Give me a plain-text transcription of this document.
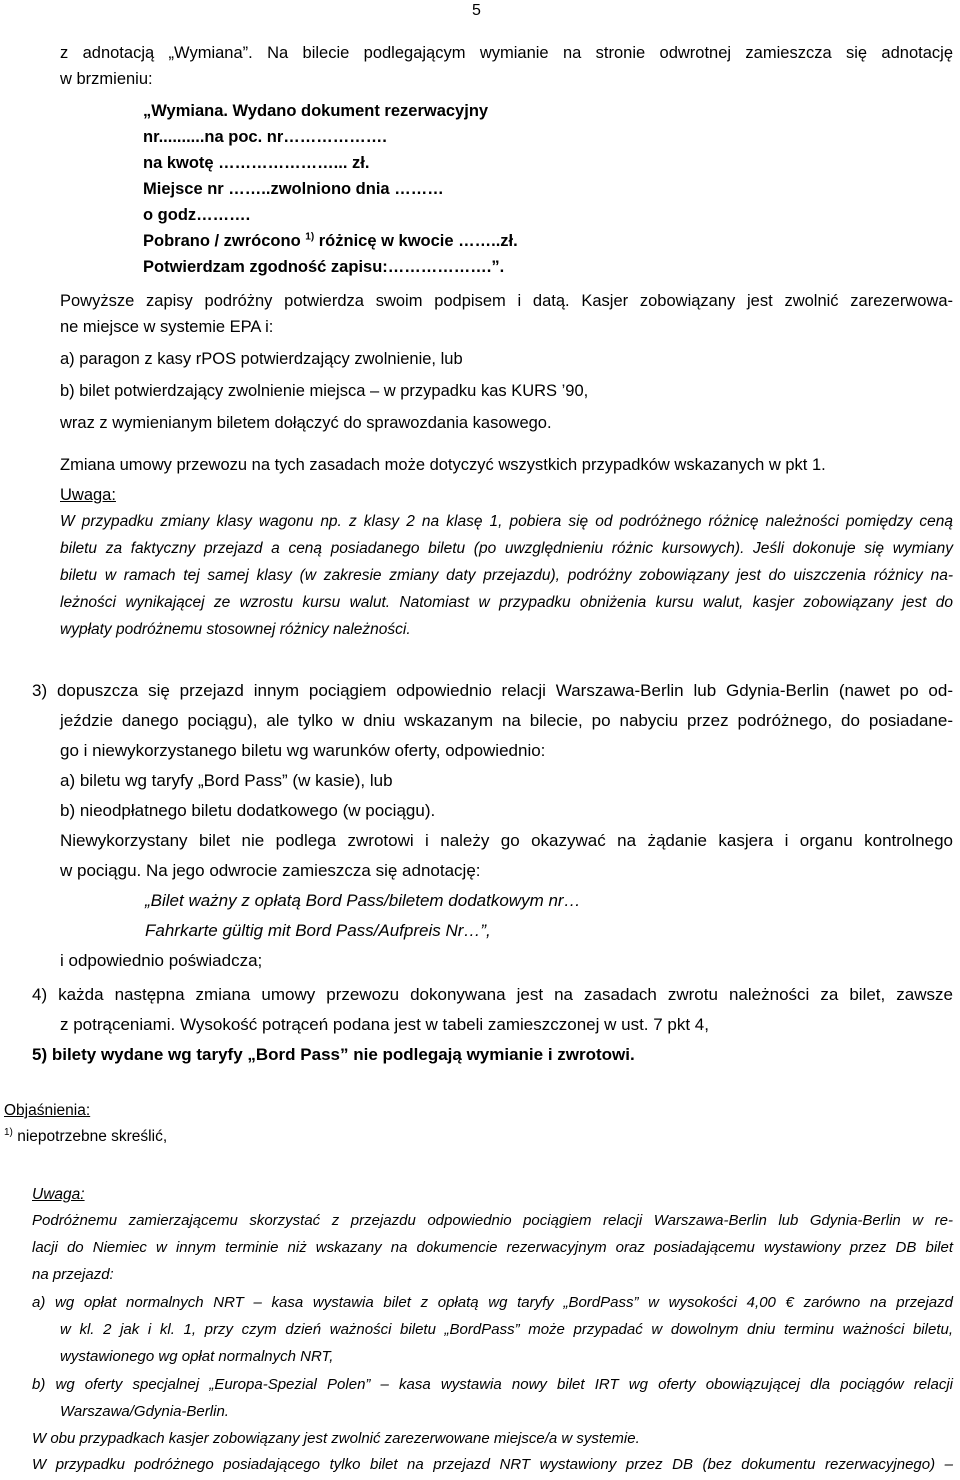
5
z adnotacją „Wymiana”. Na bilecie podlegającym wymianie na stronie odwrotnej zamieszcza się adnotację
w brzmieniu:
„Wymiana. Wydano dokument rezerwacyjny
nr..........na poc. nr……………….
na kwotę …………………... zł.
Miejsce nr ……..zwolniono dnia ………
o godz……….
Pobrano / zwrócono $^{1)}$ różnicę w kwocie ……..zł.
Potwierdzam zgodność zapisu:……………….”.
Powyższe zapisy podróżny potwierdza swoim podpisem i datą. Kasjer zobowiązany jest zwolnić zarezerwowa-
ne miejsce w systemie EPA i:
a) paragon z kasy rPOS potwierdzający zwolnienie, lub
b) bilet potwierdzający zwolnienie miejsca – w przypadku kas KURS ’90,
wraz z wymienianym biletem dołączyć do sprawozdania kasowego.
Zmiana umowy przewozu na tych zasadach może dotyczyć wszystkich przypadków wskazanych w pkt 1.
Uwaga:
W przypadku zmiany klasy wagonu np. z klasy 2 na klasę 1, pobiera się od podróżnego różnicę należności pomiędzy ceną
biletu za faktyczny przejazd a ceną posiadanego biletu (po uwzględnieniu różnic kursowych). Jeśli dokonuje się wymiany
biletu w ramach tej samej klasy (w zakresie zmiany daty przejazdu), podróżny zobowiązany jest do uiszczenia różnicy na-
leżności wynikającej ze wzrostu kursu walut. Natomiast w przypadku obniżenia kursu walut, kasjer zobowiązany jest do
wypłaty podróżnemu stosownej różnicy należności.
3) dopuszcza się przejazd innym pociągiem odpowiednio relacji Warszawa-Berlin lub Gdynia-Berlin (nawet po od-
jeździe danego pociągu), ale tylko w dniu wskazanym na bilecie, po nabyciu przez podróżnego, do posiadane-
go i niewykorzystanego biletu wg warunków oferty, odpowiednio:
a) biletu wg taryfy „Bord Pass” (w kasie), lub
b) nieodpłatnego biletu dodatkowego (w pociągu).
Niewykorzystany bilet nie podlega zwrotowi i należy go okazywać na żądanie kasjera i organu kontrolnego
w pociągu. Na jego odwrocie zamieszcza się adnotację:
„Bilet ważny z opłatą Bord Pass/biletem dodatkowym nr…
Fahrkarte gültig mit Bord Pass/Aufpreis Nr…”,
i odpowiednio poświadcza;
4) każda następna zmiana umowy przewozu dokonywana jest na zasadach zwrotu należności za bilet, zawsze
z potrąceniami. Wysokość potrąceń podana jest w tabeli zamieszczonej w ust. 7 pkt 4,
5) bilety wydane wg taryfy „Bord Pass” nie podlegają wymianie i zwrotowi.
Objaśnienia:
$^{1)}$ niepotrzebne skreślić,
Uwaga:
Podróżnemu zamierzającemu skorzystać z przejazdu odpowiednio pociągiem relacji Warszawa-Berlin lub Gdynia-Berlin w re-
lacji do Niemiec w innym terminie niż wskazany na dokumencie rezerwacyjnym oraz posiadającemu wystawiony przez DB bilet
na przejazd:
a) wg opłat normalnych NRT – kasa wystawia bilet z opłatą wg taryfy „BordPass” w wysokości 4,00 € zarówno na przejazd
w kl. 2 jak i kl. 1, przy czym dzień ważności biletu „BordPass” może przypadać w dowolnym dniu terminu ważności biletu,
wystawionego wg opłat normalnych NRT,
b) wg oferty specjalnej „Europa-Spezial Polen” – kasa wystawia nowy bilet IRT wg oferty obowiązującej dla pociągów relacji
Warszawa/Gdynia-Berlin.
W obu przypadkach kasjer zobowiązany jest zwolnić zarezerwowane miejsce/a w systemie.
W przypadku podróżnego posiadającego tylko bilet na przejazd NRT wystawiony przez DB (bez dokumentu rezerwacyjnego) –
